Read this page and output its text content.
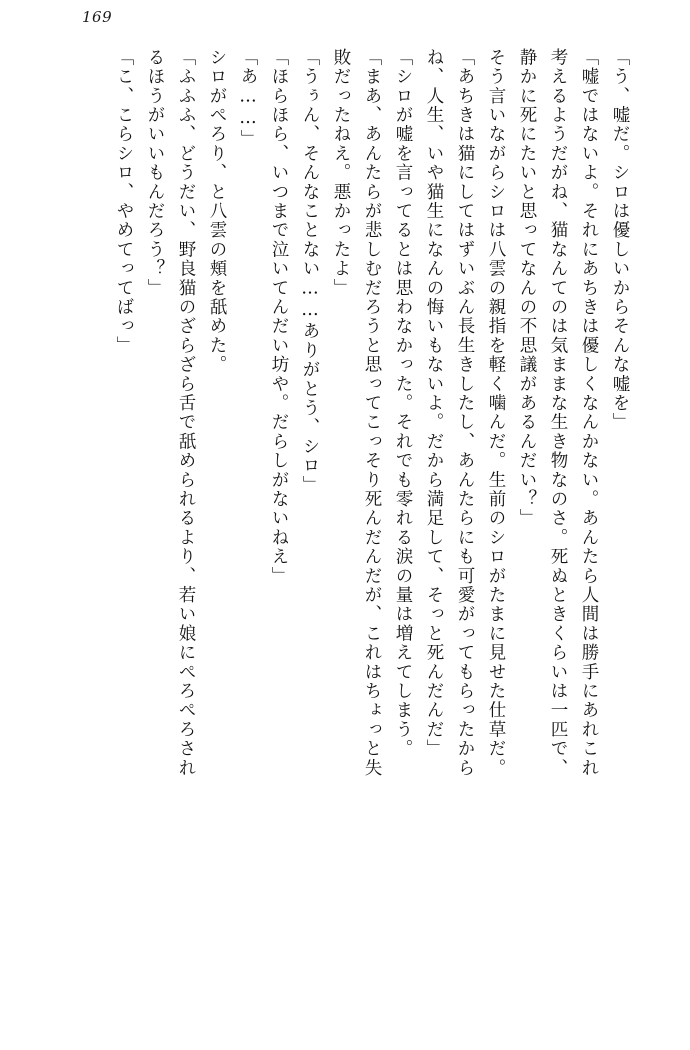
169
「う、嘘だ。シロは優しいからそんな嘘を」
「嘘ではないよ。それにあちきは優しくなんかない。あんたら人間は勝手にあれこれ
考えるようだがね、猫なんてのは気ままな生き物なのさ。死ぬときくらいは一匹で、
静かに死にたいと思ってなんの不思議があるんだい？」
そう言いながらシロは八雲の親指を軽く噛んだ。生前のシロがたまに見せた仕草だ。
「あちきは猫にしてはずいぶん長生きしたし、あんたらにも可愛がってもらったから
ね、人生、いや猫生になんの悔いもないよ。だから満足して、そっと死んだんだ」
「シロが嘘を言ってるとは思わなかった。それでも零れる涙の量は増えてしまう。
「まあ、あんたらが悲しむだろうと思ってこっそり死んだんだが、これはちょっと失
敗だったねえ。悪かったよ」
「うぅん、そんなことない……ありがとう、シロ」
「ほらほら、いつまで泣いてんだい坊や。だらしがないねえ」
「あ……」
シロがぺろり、と八雲の頬を舐めた。
「ふふふ、どうだい、野良猫のざらざら舌で舐められるより、若い娘にぺろぺろされ
るほうがいいもんだろう？」
「こ、こらシロ、やめてってばっ」
